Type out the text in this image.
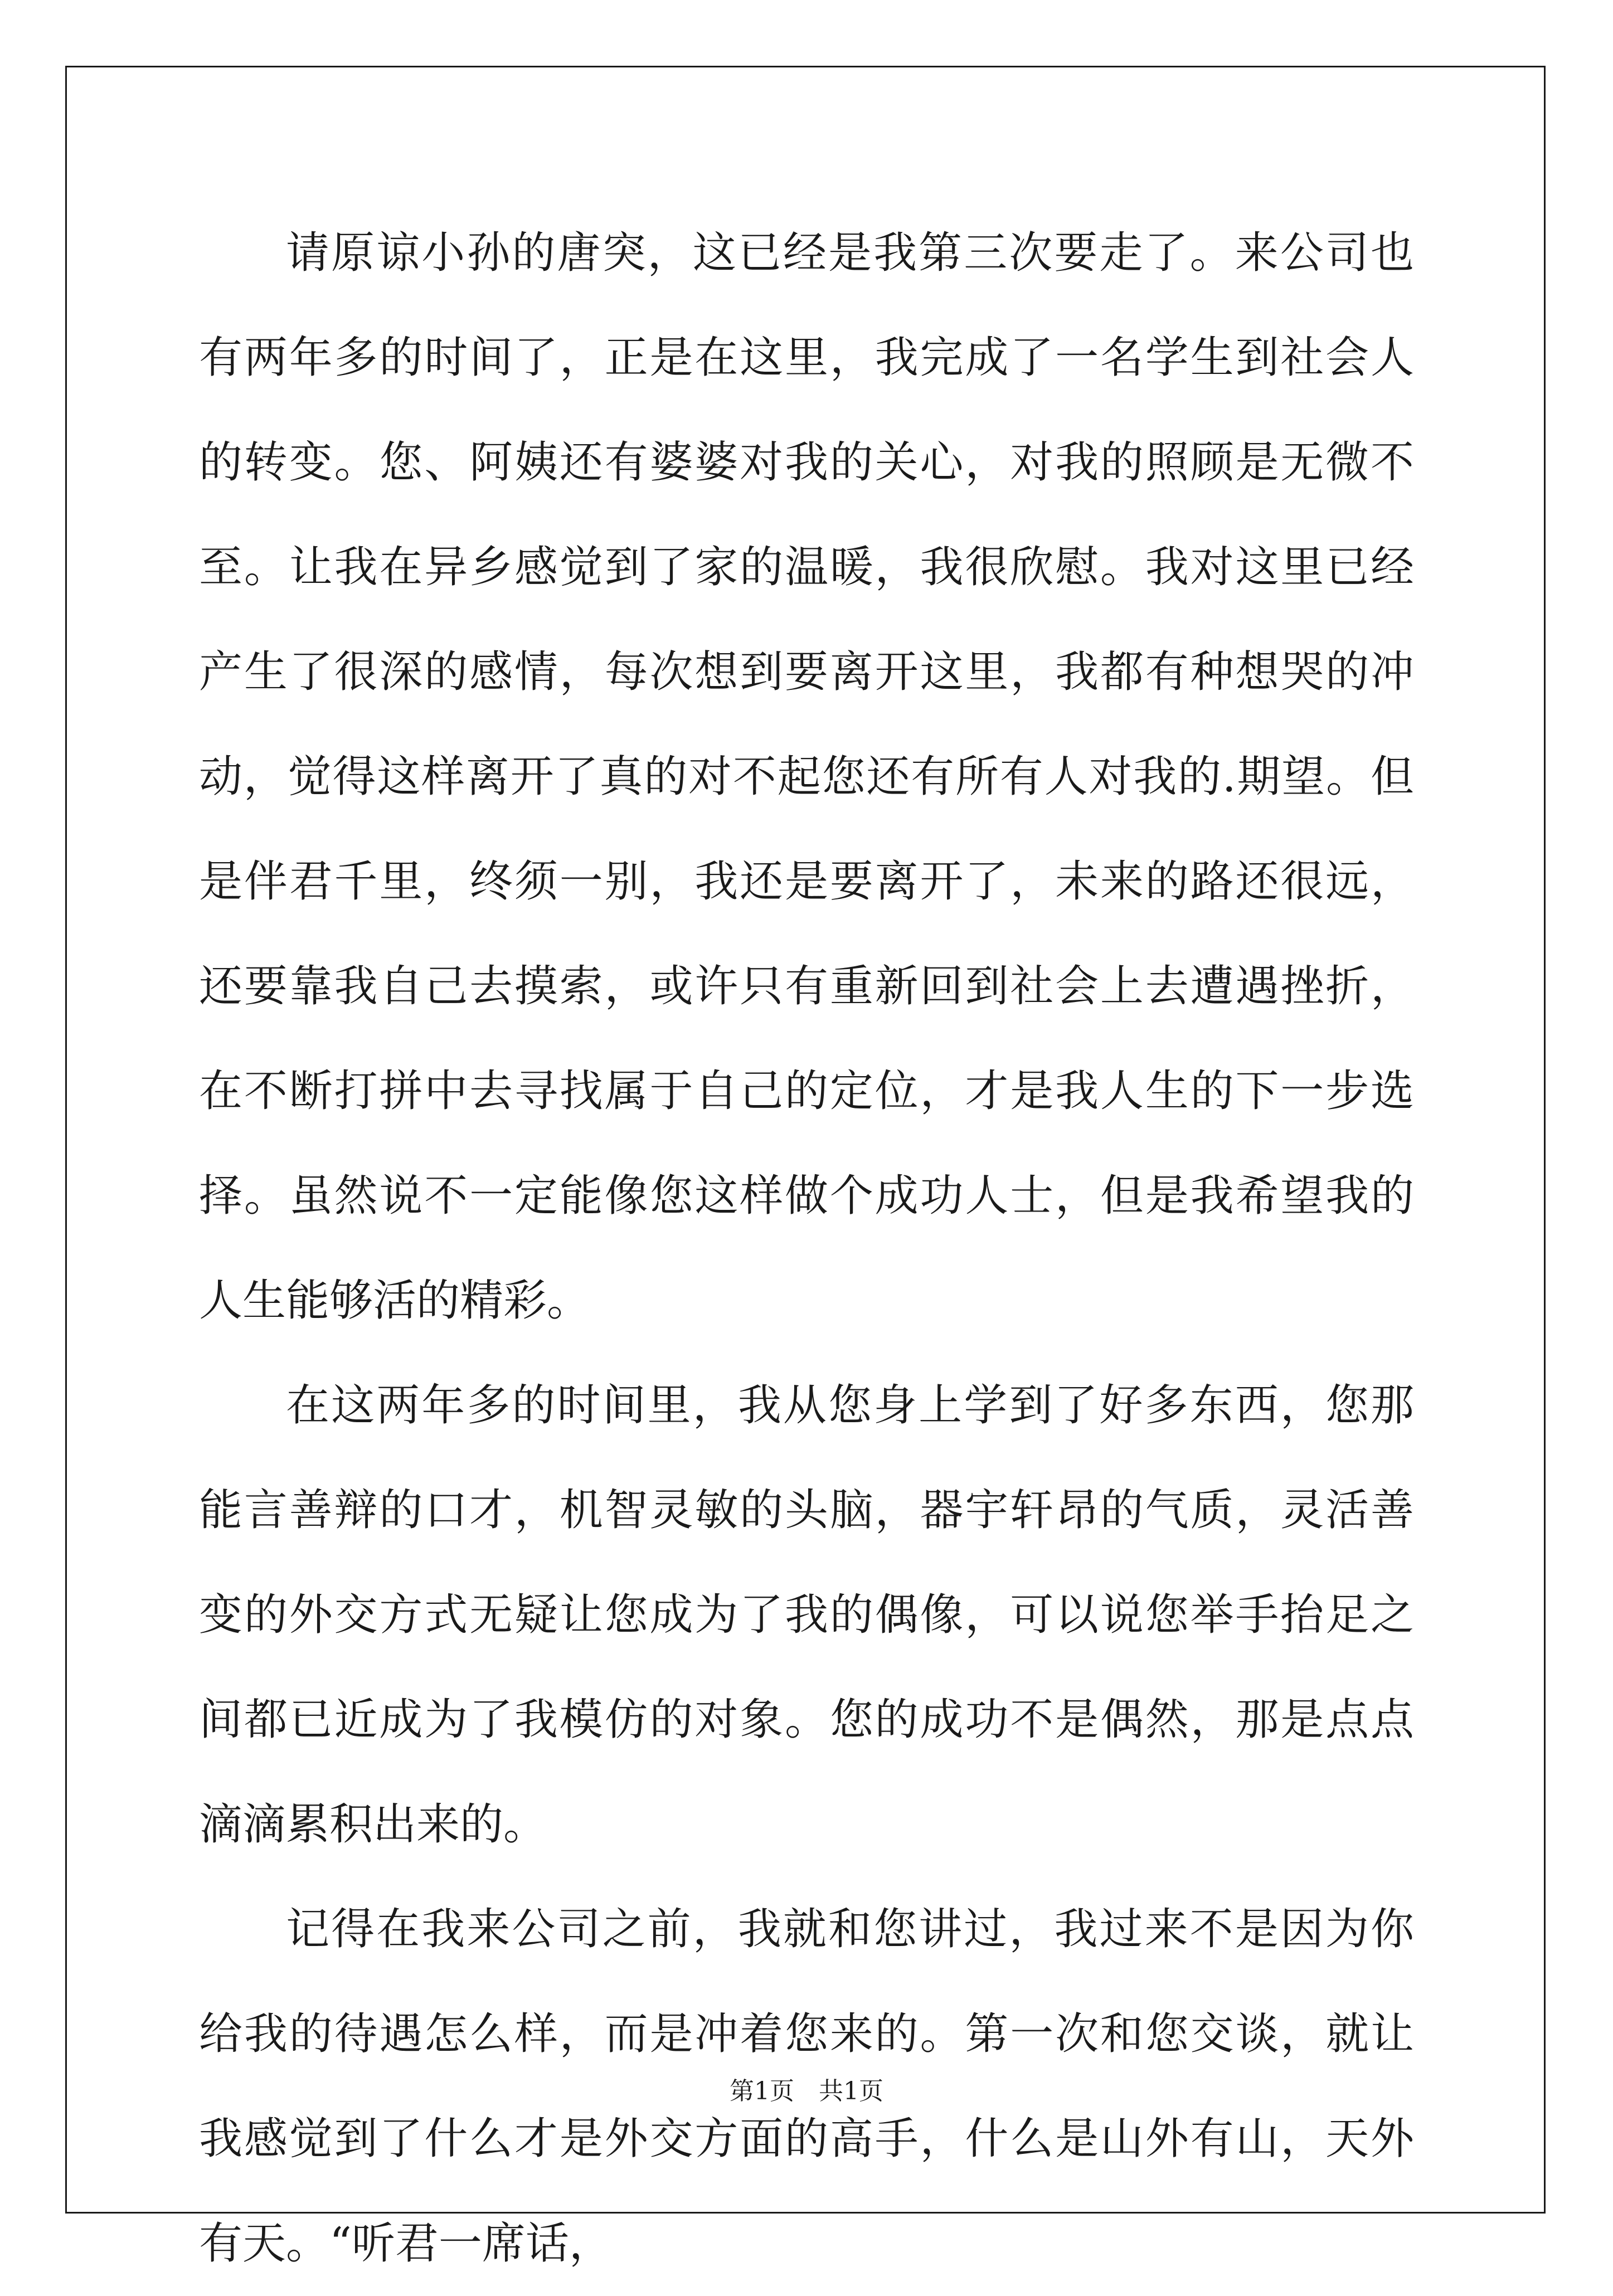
请原谅小孙的唐突，这已经是我第三次要走了。来公司也有两年多的时间了，正是在这里，我完成了一名学生到社会人的转变。您、阿姨还有婆婆对我的关心，对我的照顾是无微不至。让我在异乡感觉到了家的温暖，我很欣慰。我对这里已经产生了很深的感情，每次想到要离开这里，我都有种想哭的冲动，觉得这样离开了真的对不起您还有所有人对我的.期望。但是伴君千里，终须一别，我还是要离开了，未来的路还很远，还要靠我自己去摸索，或许只有重新回到社会上去遭遇挫折，在不断打拼中去寻找属于自己的定位，才是我人生的下一步选择。虽然说不一定能像您这样做个成功人士，但是我希望我的人生能够活的精彩。

在这两年多的时间里，我从您身上学到了好多东西，您那能言善辩的口才，机智灵敏的头脑，器宇轩昂的气质，灵活善变的外交方式无疑让您成为了我的偶像，可以说您举手抬足之间都已近成为了我模仿的对象。您的成功不是偶然，那是点点滴滴累积出来的。

记得在我来公司之前，我就和您讲过，我过来不是因为你给我的待遇怎么样，而是冲着您来的。第一次和您交谈，就让我感觉到了什么才是外交方面的高手，什么是山外有山，天外有天。“听君一席话，

第1页　共1页
